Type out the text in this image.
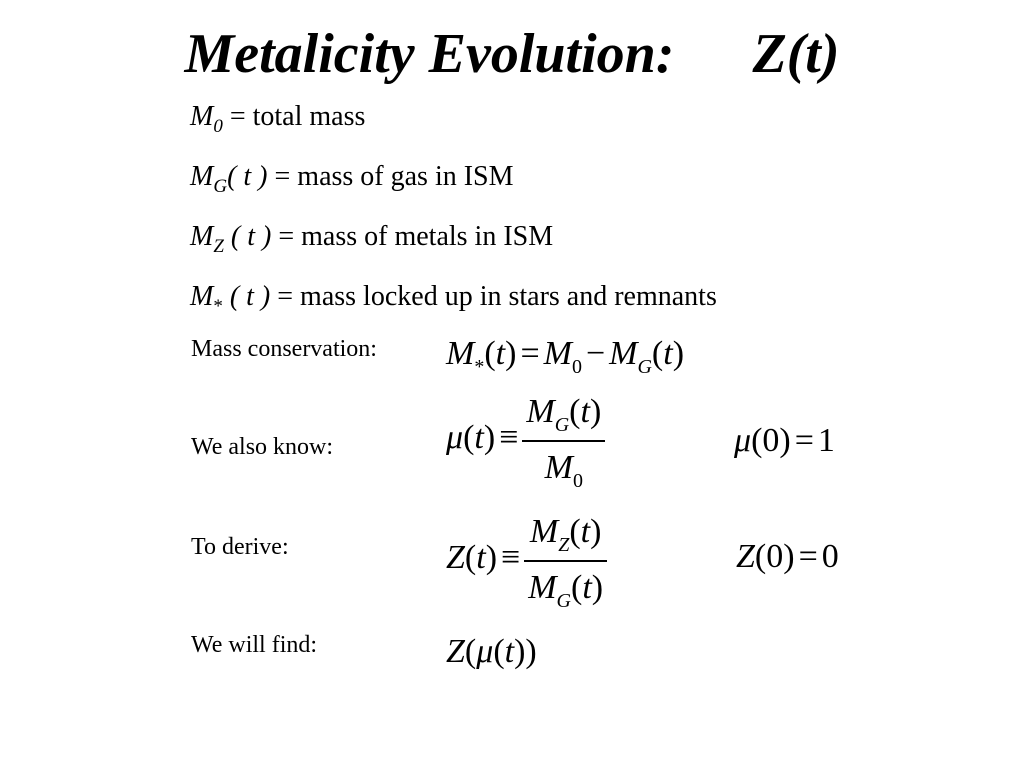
Metalicity Evolution: Z(t)
$M_0$ = total mass
$M_G$( t ) = mass of gas in ISM
$M_Z$ ( t ) = mass of metals in ISM
$M_*$ ( t ) = mass locked up in stars and remnants
Mass conservation:
We also know:
To derive:
We will find:
$M_*(t) = M_0 - M_G(t)$
$\mu(t) \equiv \frac{M_G(t)}{M_0}$	μ(0) = 1
$Z(t) \equiv \frac{M_Z(t)}{M_G(t)}$	Z(0) = 0
Z(μ(t))
